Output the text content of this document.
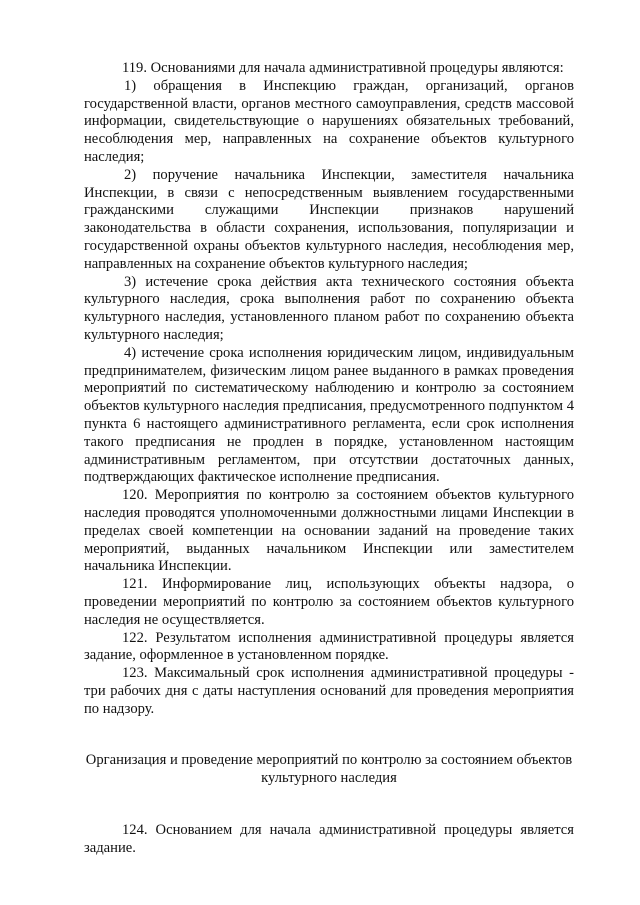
119. Основаниями для начала административной процедуры являются:

1) обращения в Инспекцию граждан, организаций, органов государственной власти, органов местного самоуправления, средств массовой информации, свидетельствующие о нарушениях обязательных требований, несоблюдения мер, направленных на сохранение объектов культурного наследия;

2) поручение начальника Инспекции, заместителя начальника Инспекции, в связи с непосредственным выявлением государственными гражданскими служащими Инспекции признаков нарушений законодательства в области сохранения, использования, популяризации и государственной охраны объектов культурного наследия, несоблюдения мер, направленных на сохранение объектов культурного наследия;

3) истечение срока действия акта технического состояния объекта культурного наследия, срока выполнения работ по сохранению объекта культурного наследия, установленного планом работ по сохранению объекта культурного наследия;

4) истечение срока исполнения юридическим лицом, индивидуальным предпринимателем, физическим лицом ранее выданного в рамках проведения мероприятий по систематическому наблюдению и контролю за состоянием объектов культурного наследия предписания, предусмотренного подпунктом 4 пункта 6 настоящего административного регламента, если срок исполнения такого предписания не продлен в порядке, установленном настоящим административным регламентом, при отсутствии достаточных данных, подтверждающих фактическое исполнение предписания.

120. Мероприятия по контролю за состоянием объектов культурного наследия проводятся уполномоченными должностными лицами Инспекции в пределах своей компетенции на основании заданий на проведение таких мероприятий, выданных начальником Инспекции или заместителем начальника Инспекции.

121. Информирование лиц, использующих объекты надзора, о проведении мероприятий по контролю за состоянием объектов культурного наследия не осуществляется.

122. Результатом исполнения административной процедуры является задание, оформленное в установленном порядке.

123. Максимальный срок исполнения административной процедуры - три рабочих дня с даты наступления оснований для проведения мероприятия по надзору.

Организация и проведение мероприятий по контролю за состоянием объектов культурного наследия

124. Основанием для начала административной процедуры является задание.
